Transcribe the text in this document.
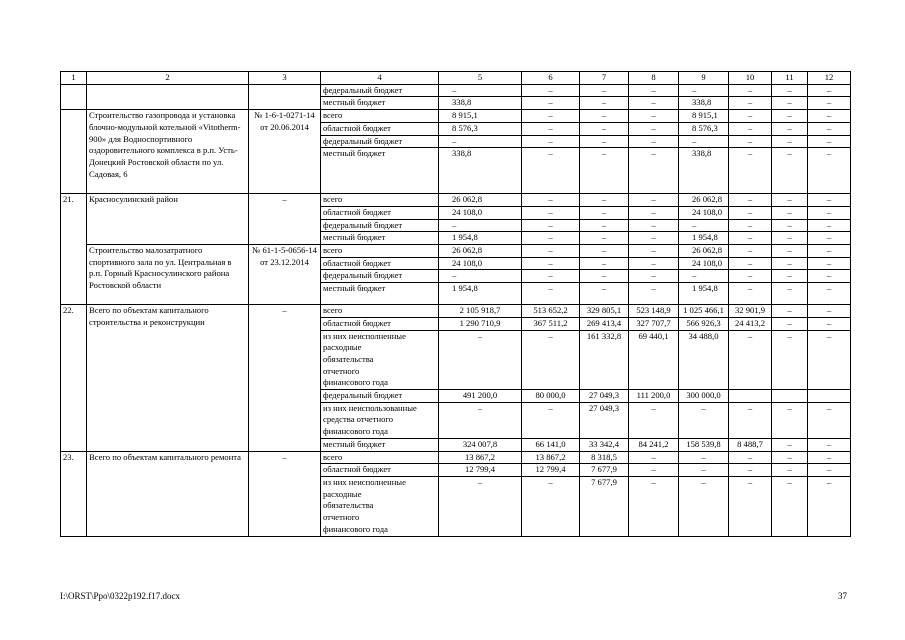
1	2	3	4	5	6	7	8	9	10	11	12
			федеральный бюджет	–	–	–	–	–	–	–	–
			местный бюджет	338,8	–	–	–	338,8	–	–	–
	Строительство газопровода и установка блочно-модульной котельной «Vitotherm-900» для Водноспортивного оздоровительного комплекса в р.п. Усть-Донецкий Ростовской области по ул. Садовая, 6	№ 1-6-1-0271-14 от 20.06.2014	всего	8 915,1	–	–	–	8 915,1	–	–	–
			областной бюджет	8 576,3	–	–	–	8 576,3	–	–	–
			федеральный бюджет	–	–	–	–	–	–	–	–
			местный бюджет	338,8	–	–	–	338,8	–	–	–
21.	Красносулинский район	–	всего	26 062,8	–	–	–	26 062,8	–	–	–
			областной бюджет	24 108,0	–	–	–	24 108,0	–	–	–
			федеральный бюджет	–	–	–	–	–	–	–	–
			местный бюджет	1 954,8	–	–	–	1 954,8	–	–	–
	Строительство малозатратного спортивного зала по ул. Центральная в р.п. Горный Красносулинского района Ростовской области	№ 61-1-5-0656-14 от 23.12.2014	всего	26 062,8	–	–	–	26 062,8	–	–	–
			областной бюджет	24 108,0	–	–	–	24 108,0	–	–	–
			федеральный бюджет	–	–	–	–	–	–	–	–
			местный бюджет	1 954,8	–	–	–	1 954,8	–	–	–
22.	Всего по объектам капитального строительства и реконструкции	–	всего	2 105 918,7	513 652,2	329 805,1	523 148,9	1 025 466,1	32 901,9	–	–
			областной бюджет	1 290 710,9	367 511,2	269 413,4	327 707,7	566 926,3	24 413,2	–	–
			из них неисполненные расходные обязательства отчетного финансового года	–	–	161 332,8	69 440,1	34 488,0	–	–	–
			федеральный бюджет	491 200,0	80 000,0	27 049,3	111 200,0	300 000,0			
			из них неиспользованные средства отчетного финансового года	–	–	27 049,3	–	–	–	–	–
			местный бюджет	324 007,8	66 141,0	33 342,4	84 241,2	158 539,8	8 488,7	–	–
23.	Всего по объектам капитального ремонта	–	всего	13 867,2	13 867,2	8 318,5	–	–	–	–	–
			областной бюджет	12 799,4	12 799,4	7 677,9	–	–	–	–	–
			из них неисполненные расходные обязательства отчетного финансового года	–	–	7 677,9	–	–	–	–	–
I:\ORST\Ppo\0322p192.f17.docx	37
